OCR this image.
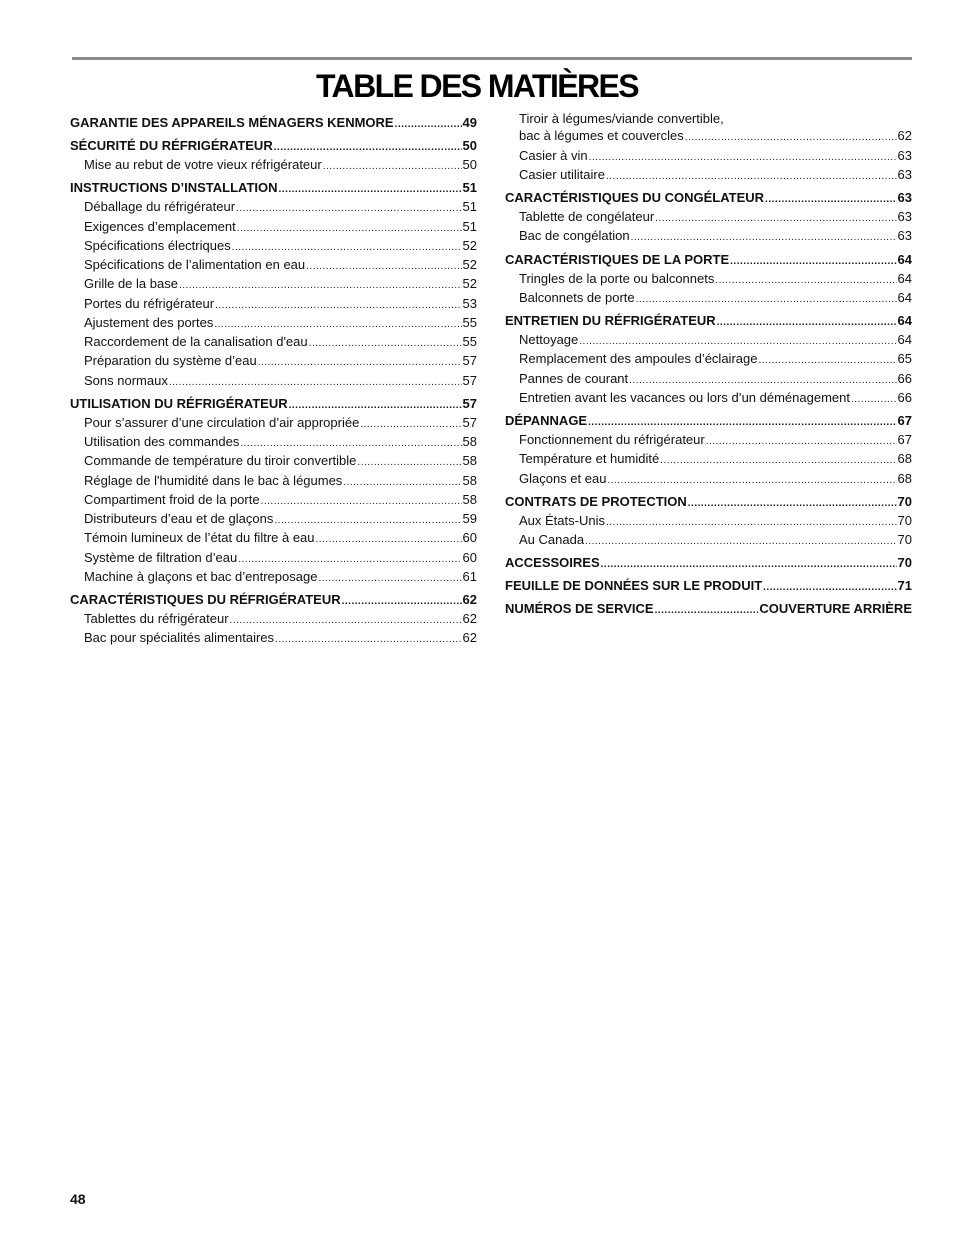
TABLE DES MATIÈRES
GARANTIE DES APPAREILS MÉNAGERS KENMORE .....	49
SÉCURITÉ DU RÉFRIGÉRATEUR .....	50
Mise au rebut de votre vieux réfrigérateur .....	50
INSTRUCTIONS D’INSTALLATION .....	51
Déballage du réfrigérateur .....	51
Exigences d’emplacement .....	51
Spécifications électriques .....	52
Spécifications de l’alimentation en eau .....	52
Grille de la base .....	52
Portes du réfrigérateur .....	53
Ajustement des portes .....	55
Raccordement de la canalisation d'eau .....	55
Préparation du système d’eau .....	57
Sons normaux .....	57
UTILISATION DU RÉFRIGÉRATEUR .....	57
Pour s’assurer d’une circulation d’air appropriée .....	57
Utilisation des commandes .....	58
Commande de température du tiroir convertible .....	58
Réglage de l'humidité dans le bac à légumes .....	58
Compartiment froid de la porte .....	58
Distributeurs d’eau et de glaçons .....	59
Témoin lumineux de l’état du filtre à eau .....	60
Système de filtration d’eau .....	60
Machine à glaçons et bac d’entreposage .....	61
CARACTÉRISTIQUES DU RÉFRIGÉRATEUR .....	62
Tablettes du réfrigérateur .....	62
Bac pour spécialités alimentaires .....	62
Tiroir à légumes/viande convertible,
bac à légumes et couvercles .....	62
Casier à vin .....	63
Casier utilitaire .....	63
CARACTÉRISTIQUES DU CONGÉLATEUR .....	63
Tablette de congélateur .....	63
Bac de congélation .....	63
CARACTÉRISTIQUES DE LA PORTE .....	64
Tringles de la porte ou balconnets .....	64
Balconnets de porte .....	64
ENTRETIEN DU RÉFRIGÉRATEUR .....	64
Nettoyage .....	64
Remplacement des ampoules d’éclairage .....	65
Pannes de courant .....	66
Entretien avant les vacances ou lors d’un déménagement .....	66
DÉPANNAGE .....	67
Fonctionnement du réfrigérateur .....	67
Température et humidité .....	68
Glaçons et eau .....	68
CONTRATS DE PROTECTION .....	70
Aux États-Unis .....	70
Au Canada .....	70
ACCESSOIRES .....	70
FEUILLE DE DONNÉES SUR LE PRODUIT .....	71
NUMÉROS DE SERVICE .....	COUVERTURE ARRIÈRE
48
